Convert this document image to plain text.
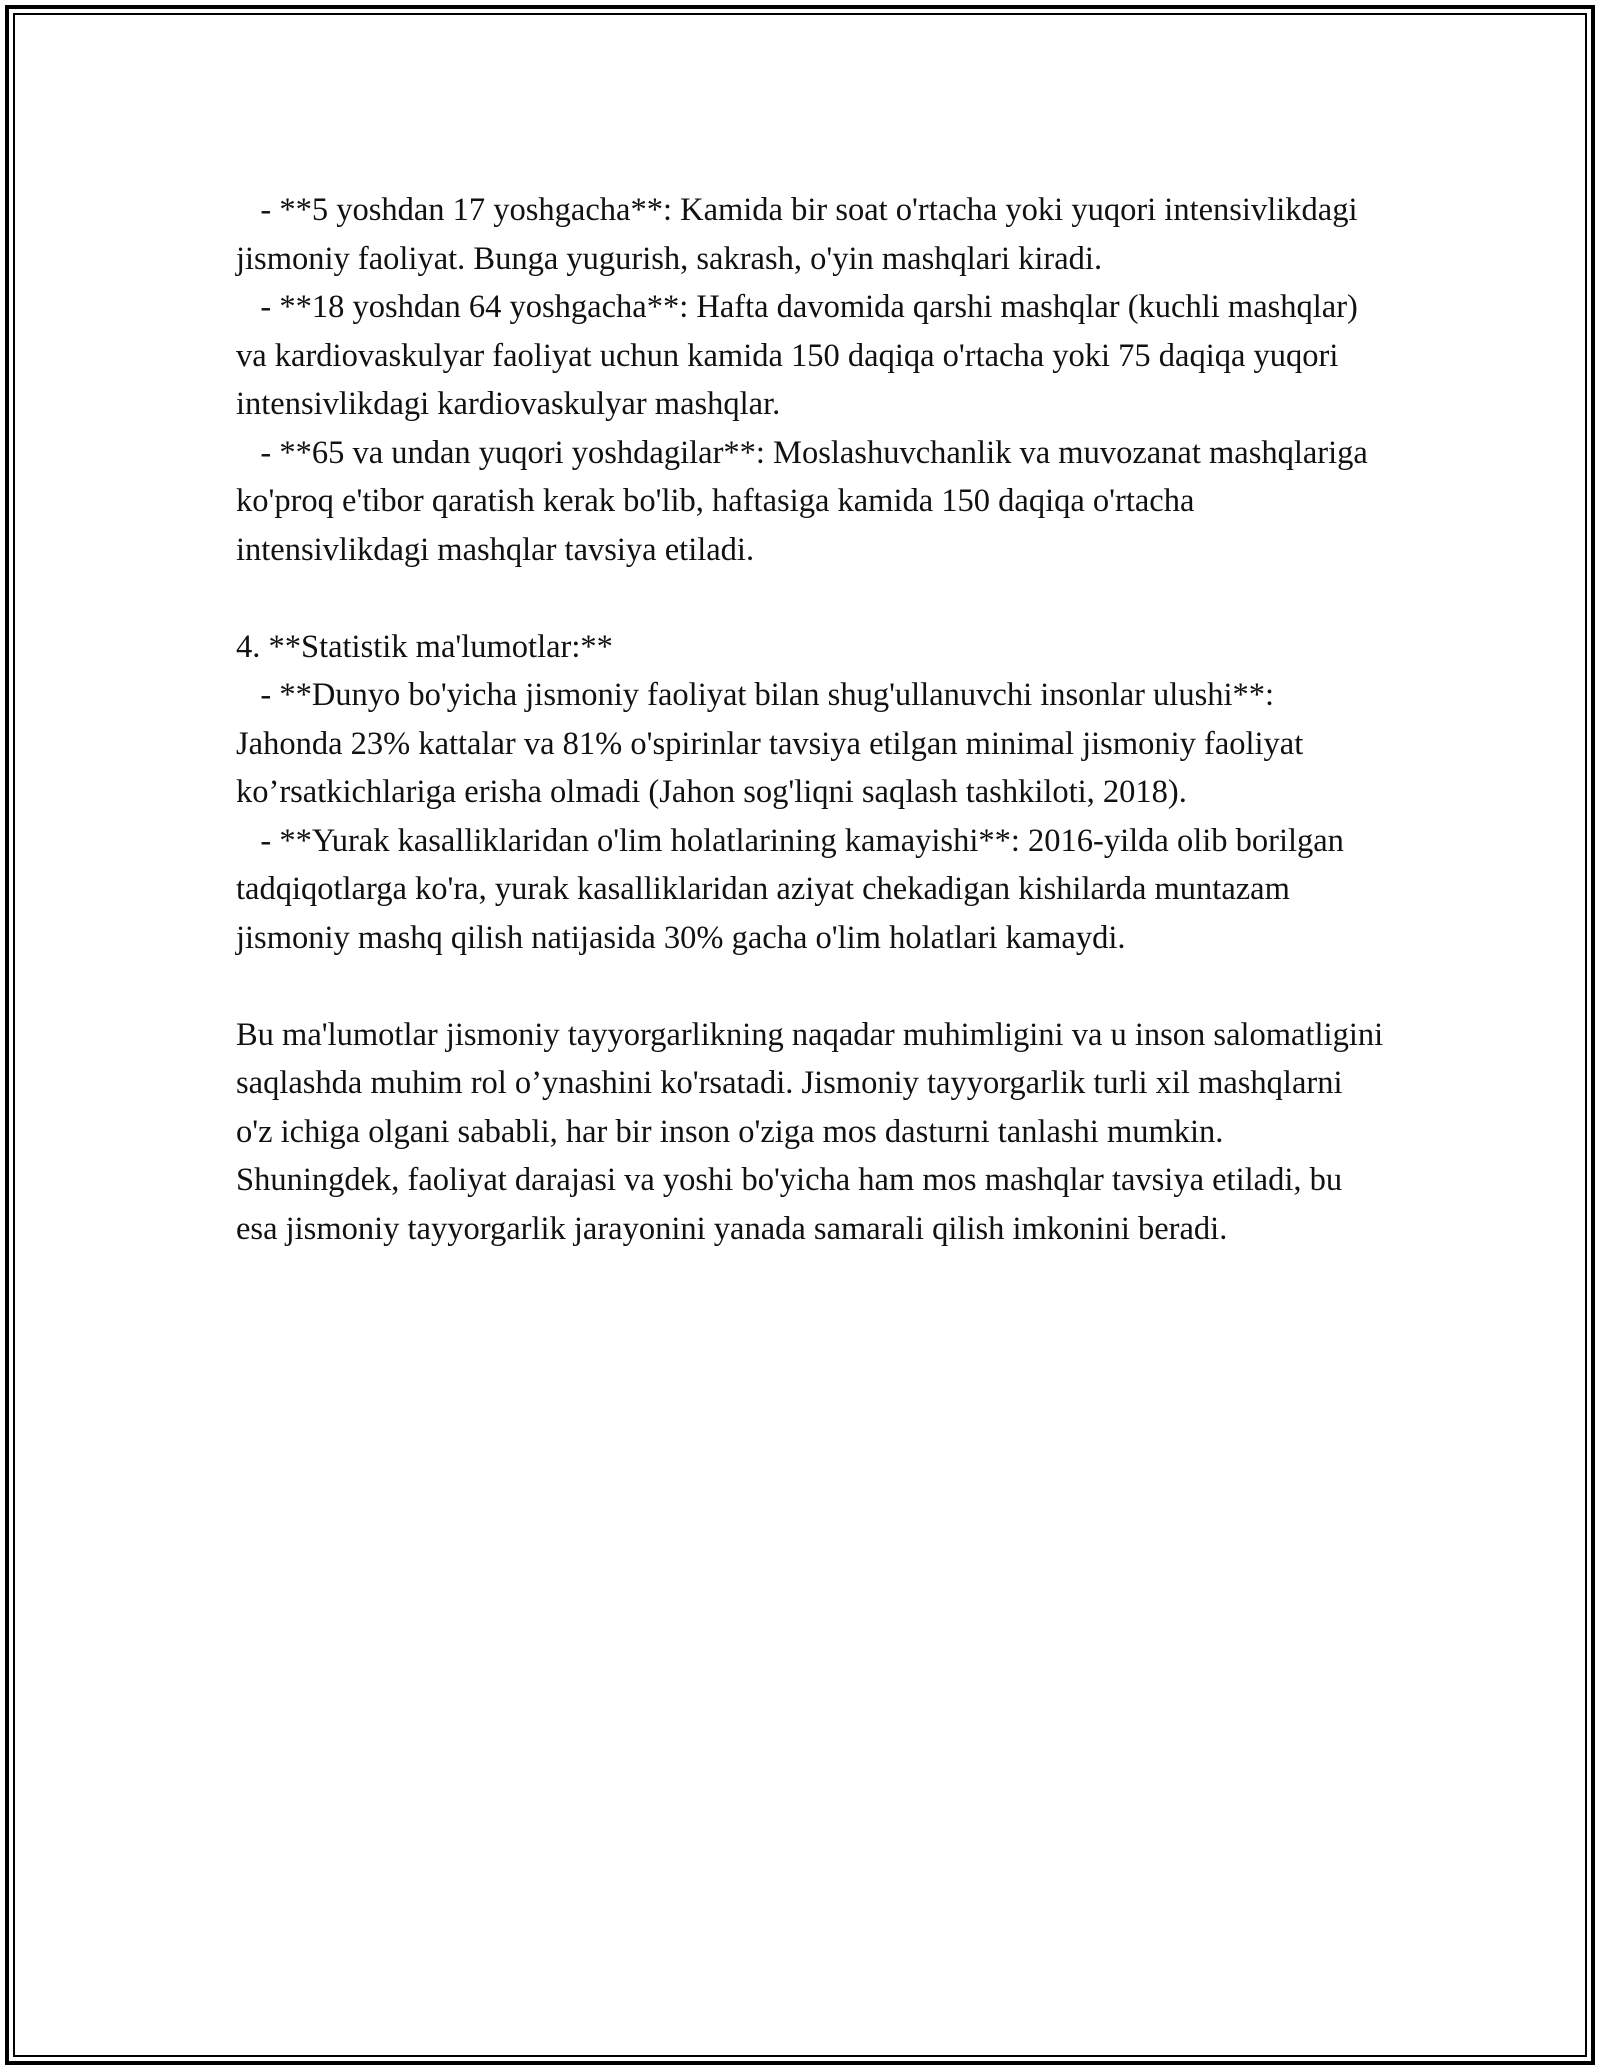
- **5 yoshdan 17 yoshgacha**: Kamida bir soat o'rtacha yoki yuqori intensivlikdagi jismoniy faoliyat. Bunga yugurish, sakrash, o'yin mashqlari kiradi.

- **18 yoshdan 64 yoshgacha**: Hafta davomida qarshi mashqlar (kuchli mashqlar) va kardiovaskulyar faoliyat uchun kamida 150 daqiqa o'rtacha yoki 75 daqiqa yuqori intensivlikdagi kardiovaskulyar mashqlar.

- **65 va undan yuqori yoshdagilar**: Moslashuvchanlik va muvozanat mashqlariga ko'proq e'tibor qaratish kerak bo'lib, haftasiga kamida 150 daqiqa o'rtacha intensivlikdagi mashqlar tavsiya etiladi.

4. **Statistik ma'lumotlar:**

- **Dunyo bo'yicha jismoniy faoliyat bilan shug'ullanuvchi insonlar ulushi**: Jahonda 23% kattalar va 81% o'spirinlar tavsiya etilgan minimal jismoniy faoliyat ko’rsatkichlariga erisha olmadi (Jahon sog'liqni saqlash tashkiloti, 2018).

- **Yurak kasalliklaridan o'lim holatlarining kamayishi**: 2016-yilda olib borilgan tadqiqotlarga ko'ra, yurak kasalliklaridan aziyat chekadigan kishilarda muntazam jismoniy mashq qilish natijasida 30% gacha o'lim holatlari kamaydi.

Bu ma'lumotlar jismoniy tayyorgarlikning naqadar muhimligini va u inson salomatligini saqlashda muhim rol o’ynashini ko'rsatadi. Jismoniy tayyorgarlik turli xil mashqlarni o'z ichiga olgani sababli, har bir inson o'ziga mos dasturni tanlashi mumkin. Shuningdek, faoliyat darajasi va yoshi bo'yicha ham mos mashqlar tavsiya etiladi, bu esa jismoniy tayyorgarlik jarayonini yanada samarali qilish imkonini beradi.
